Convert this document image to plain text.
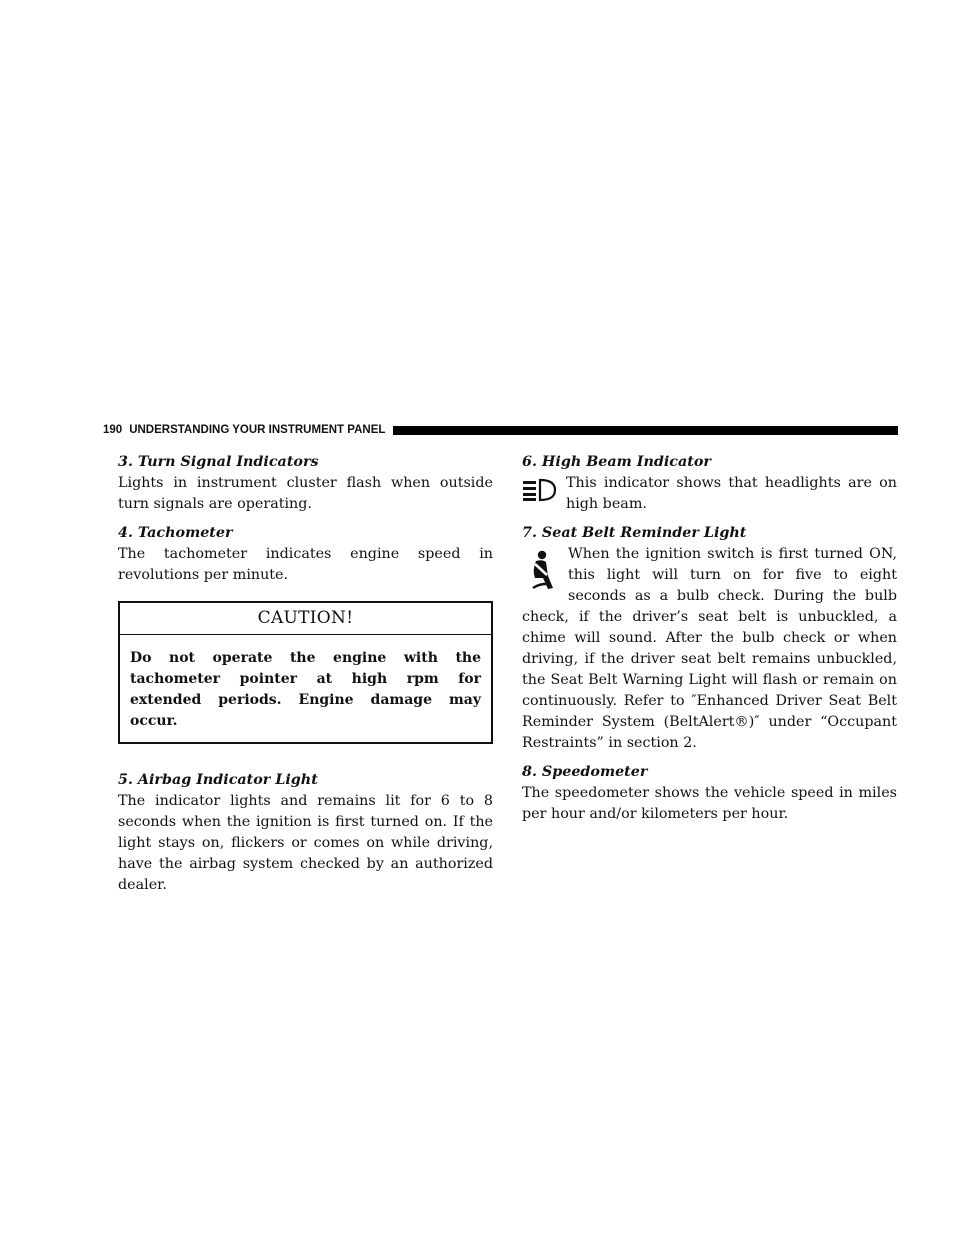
190 UNDERSTANDING YOUR INSTRUMENT PANEL

3. Turn Signal Indicators

Lights in instrument cluster flash when outside turn signals are operating.

4. Tachometer

The tachometer indicates engine speed in revolutions per minute.

CAUTION!
Do not operate the engine with the tachometer pointer at high rpm for extended periods. Engine damage may occur.

5. Airbag Indicator Light

The indicator lights and remains lit for 6 to 8 seconds when the ignition is first turned on. If the light stays on, flickers or comes on while driving, have the airbag system checked by an authorized dealer.

6. High Beam Indicator

This indicator shows that headlights are on high beam.

7. Seat Belt Reminder Light

When the ignition switch is first turned ON, this light will turn on for five to eight seconds as a bulb check. During the bulb check, if the driver’s seat belt is unbuckled, a chime will sound. After the bulb check or when driving, if the driver seat belt remains unbuckled, the Seat Belt Warning Light will flash or remain on continuously. Refer to ″Enhanced Driver Seat Belt Reminder System (BeltAlert®)″ under “Occupant Restraints” in section 2.

8. Speedometer

The speedometer shows the vehicle speed in miles per hour and/or kilometers per hour.
